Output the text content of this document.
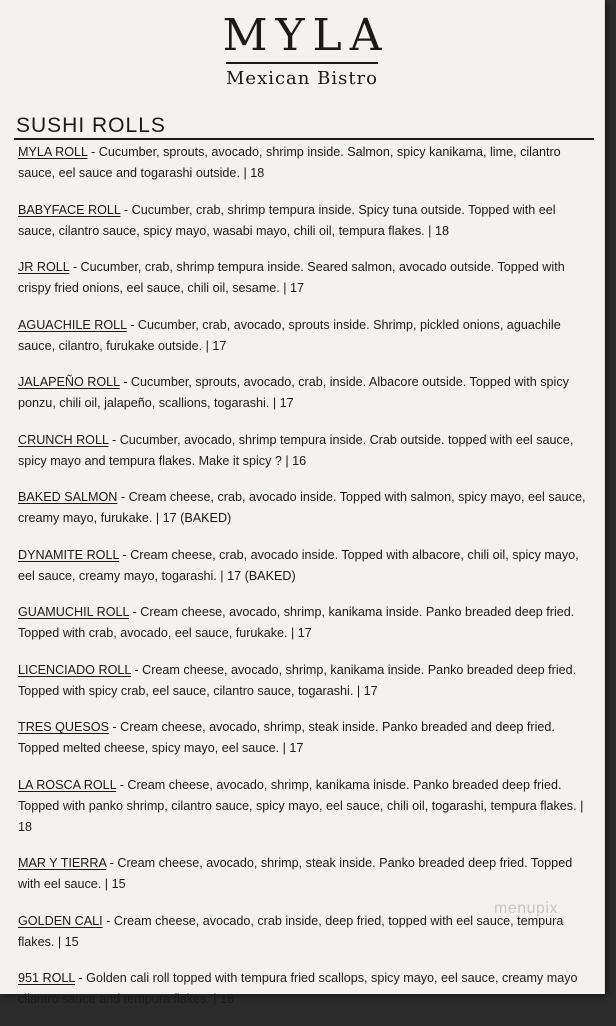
MYLA
Mexican Bistro
SUSHI ROLLS
MYLA ROLL - Cucumber, sprouts, avocado, shrimp inside. Salmon, spicy kanikama, lime, cilantro sauce, eel sauce and togarashi outside. | 18
BABYFACE ROLL - Cucumber, crab, shrimp tempura inside. Spicy tuna outside. Topped with eel sauce, cilantro sauce, spicy mayo, wasabi mayo, chili oil, tempura flakes. | 18
JR ROLL - Cucumber, crab, shrimp tempura inside. Seared salmon, avocado outside. Topped with crispy fried onions, eel sauce, chili oil, sesame. | 17
AGUACHILE ROLL - Cucumber, crab, avocado, sprouts inside. Shrimp, pickled onions, aguachile sauce, cilantro, furukake outside. | 17
JALAPEÑO ROLL - Cucumber, sprouts, avocado, crab, inside. Albacore outside. Topped with spicy ponzu, chili oil, jalapeño, scallions, togarashi. | 17
CRUNCH ROLL - Cucumber, avocado, shrimp tempura inside. Crab outside. topped with eel sauce, spicy mayo and tempura flakes. Make it spicy ? | 16
BAKED SALMON - Cream cheese, crab, avocado inside. Topped with salmon, spicy mayo, eel sauce, creamy mayo, furukake. | 17 (BAKED)
DYNAMITE ROLL - Cream cheese, crab, avocado inside. Topped with albacore, chili oil, spicy mayo, eel sauce, creamy mayo, togarashi. | 17 (BAKED)
GUAMUCHIL ROLL - Cream cheese, avocado, shrimp, kanikama inside. Panko breaded deep fried. Topped with crab, avocado, eel sauce, furukake. | 17
LICENCIADO ROLL - Cream cheese, avocado, shrimp, kanikama inside. Panko breaded deep fried. Topped with spicy crab, eel sauce, cilantro sauce, togarashi. | 17
TRES QUESOS - Cream cheese, avocado, shrimp, steak inside. Panko breaded and deep fried. Topped melted cheese, spicy mayo, eel sauce. | 17
LA ROSCA ROLL - Cream cheese, avocado, shrimp, kanikama inisde. Panko breaded deep fried. Topped with panko shrimp, cilantro sauce, spicy mayo, eel sauce, chili oil, togarashi, tempura flakes. | 18
MAR Y TIERRA - Cream cheese, avocado, shrimp, steak inside. Panko breaded deep fried. Topped with eel sauce. | 15
GOLDEN CALI - Cream cheese, avocado, crab inside, deep fried, topped with eel sauce, tempura flakes. | 15
951 ROLL - Golden cali roll topped with tempura fried scallops, spicy mayo, eel sauce, creamy mayo cilantro sauce and tempura flakes. | 18
menupix
